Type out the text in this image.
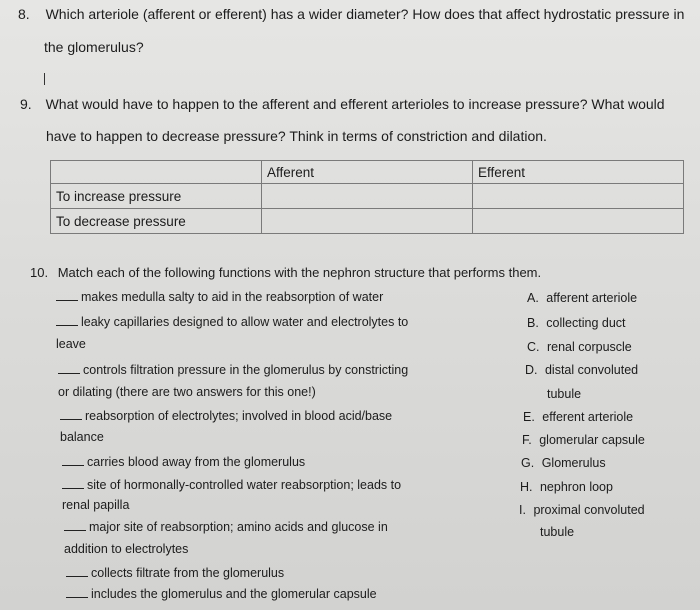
8. Which arteriole (afferent or efferent) has a wider diameter? How does that affect hydrostatic pressure in
the glomerulus?
9. What would have to happen to the afferent and efferent arterioles to increase pressure? What would
have to happen to decrease pressure? Think in terms of constriction and dilation.
	Afferent	Efferent
To increase pressure		
To decrease pressure		
10. Match each of the following functions with the nephron structure that performs them.
makes medulla salty to aid in the reabsorption of water
leaky capillaries designed to allow water and electrolytes to
leave
controls filtration pressure in the glomerulus by constricting
or dilating (there are two answers for this one!)
reabsorption of electrolytes; involved in blood acid/base
balance
carries blood away from the glomerulus
site of hormonally-controlled water reabsorption; leads to
renal papilla
major site of reabsorption; amino acids and glucose in
addition to electrolytes
collects filtrate from the glomerulus
includes the glomerulus and the glomerular capsule
A. afferent arteriole
B. collecting duct
C. renal corpuscle
D. distal convoluted
tubule
E. efferent arteriole
F. glomerular capsule
G. Glomerulus
H. nephron loop
I. proximal convoluted
tubule
